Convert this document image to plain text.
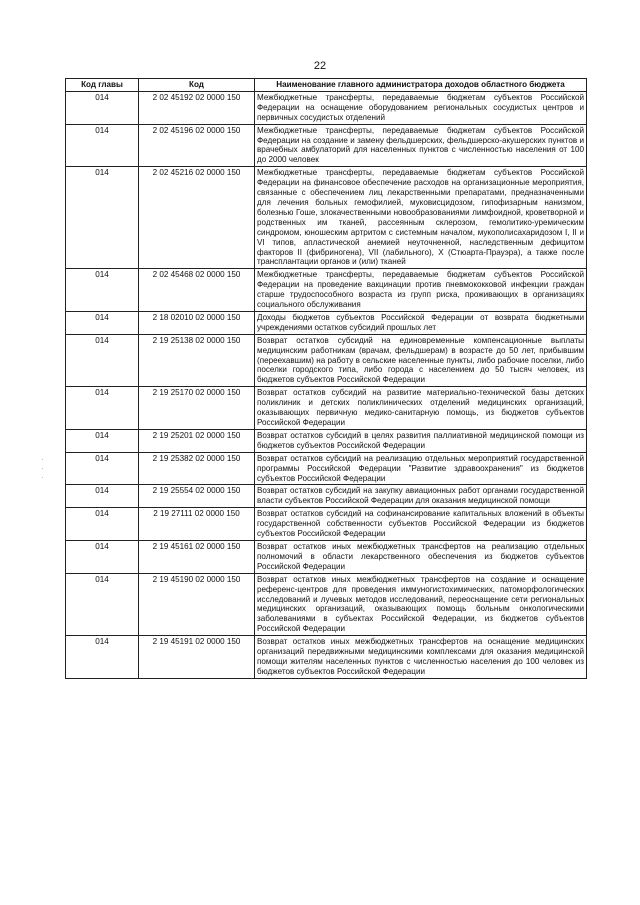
22
Код главы	Код	Наименование главного администратора доходов областного бюджета
014	2 02 45192 02 0000 150	Межбюджетные трансферты, передаваемые бюджетам субъектов Российской Федерации на оснащение оборудованием региональных сосудистых центров и первичных сосудистых отделений
014	2 02 45196 02 0000 150	Межбюджетные трансферты, передаваемые бюджетам субъектов Российской Федерации на создание и замену фельдшерских, фельдшерско-акушерских пунктов и врачебных амбулаторий для населенных пунктов с численностью населения от 100 до 2000 человек
014	2 02 45216 02 0000 150	Межбюджетные трансферты, передаваемые бюджетам субъектов Российской Федерации на финансовое обеспечение расходов на организационные мероприятия, связанные с обеспечением лиц лекарственными препаратами, предназначенными для лечения больных гемофилией, муковисцидозом, гипофизарным нанизмом, болезнью Гоше, злокачественными новообразованиями лимфоидной, кроветворной и родственных им тканей, рассеянным склерозом, гемолитико-уремическим синдромом, юношеским артритом с системным началом, мукополисахаридозом I, II и VI типов, апластической анемией неуточненной, наследственным дефицитом факторов II (фибриногена), VII (лабильного), X (Стюарта-Прауэра), а также после трансплантации органов и (или) тканей
014	2 02 45468 02 0000 150	Межбюджетные трансферты, передаваемые бюджетам субъектов Российской Федерации на проведение вакцинации против пневмококковой инфекции граждан старше трудоспособного возраста из групп риска, проживающих в организациях социального обслуживания
014	2 18 02010 02 0000 150	Доходы бюджетов субъектов Российской Федерации от возврата бюджетными учреждениями остатков субсидий прошлых лет
014	2 19 25138 02 0000 150	Возврат остатков субсидий на единовременные компенсационные выплаты медицинским работникам (врачам, фельдшерам) в возрасте до 50 лет, прибывшим (переехавшим) на работу в сельские населенные пункты, либо рабочие поселки, либо поселки городского типа, либо города с населением до 50 тысяч человек, из бюджетов субъектов Российской Федерации
014	2 19 25170 02 0000 150	Возврат остатков субсидий на развитие материально-технической базы детских поликлиник и детских поликлинических отделений медицинских организаций, оказывающих первичную медико-санитарную помощь, из бюджетов субъектов Российской Федерации
014	2 19 25201 02 0000 150	Возврат остатков субсидий в целях развития паллиативной медицинской помощи из бюджетов субъектов Российской Федерации
014	2 19 25382 02 0000 150	Возврат остатков субсидий на реализацию отдельных мероприятий государственной программы Российской Федерации "Развитие здравоохранения" из бюджетов субъектов Российской Федерации
014	2 19 25554 02 0000 150	Возврат остатков субсидий на закупку авиационных работ органами государственной власти субъектов Российской Федерации для оказания медицинской помощи
014	2 19 27111 02 0000 150	Возврат остатков субсидий на софинансирование капитальных вложений в объекты государственной собственности субъектов Российской Федерации из бюджетов субъектов Российской Федерации
014	2 19 45161 02 0000 150	Возврат остатков иных межбюджетных трансфертов на реализацию отдельных полномочий в области лекарственного обеспечения из бюджетов субъектов Российской Федерации
014	2 19 45190 02 0000 150	Возврат остатков иных межбюджетных трансфертов на создание и оснащение референс-центров для проведения иммуногистохимических, патоморфологических исследований и лучевых методов исследований, переоснащение сети региональных медицинских организаций, оказывающих помощь больным онкологическими заболеваниями в субъектах Российской Федерации, из бюджетов субъектов Российской Федерации
014	2 19 45191 02 0000 150	Возврат остатков иных межбюджетных трансфертов на оснащение медицинских организаций передвижными медицинскими комплексами для оказания медицинской помощи жителям населенных пунктов с численностью населения до 100 человек из бюджетов субъектов Российской Федерации
·
·
·
